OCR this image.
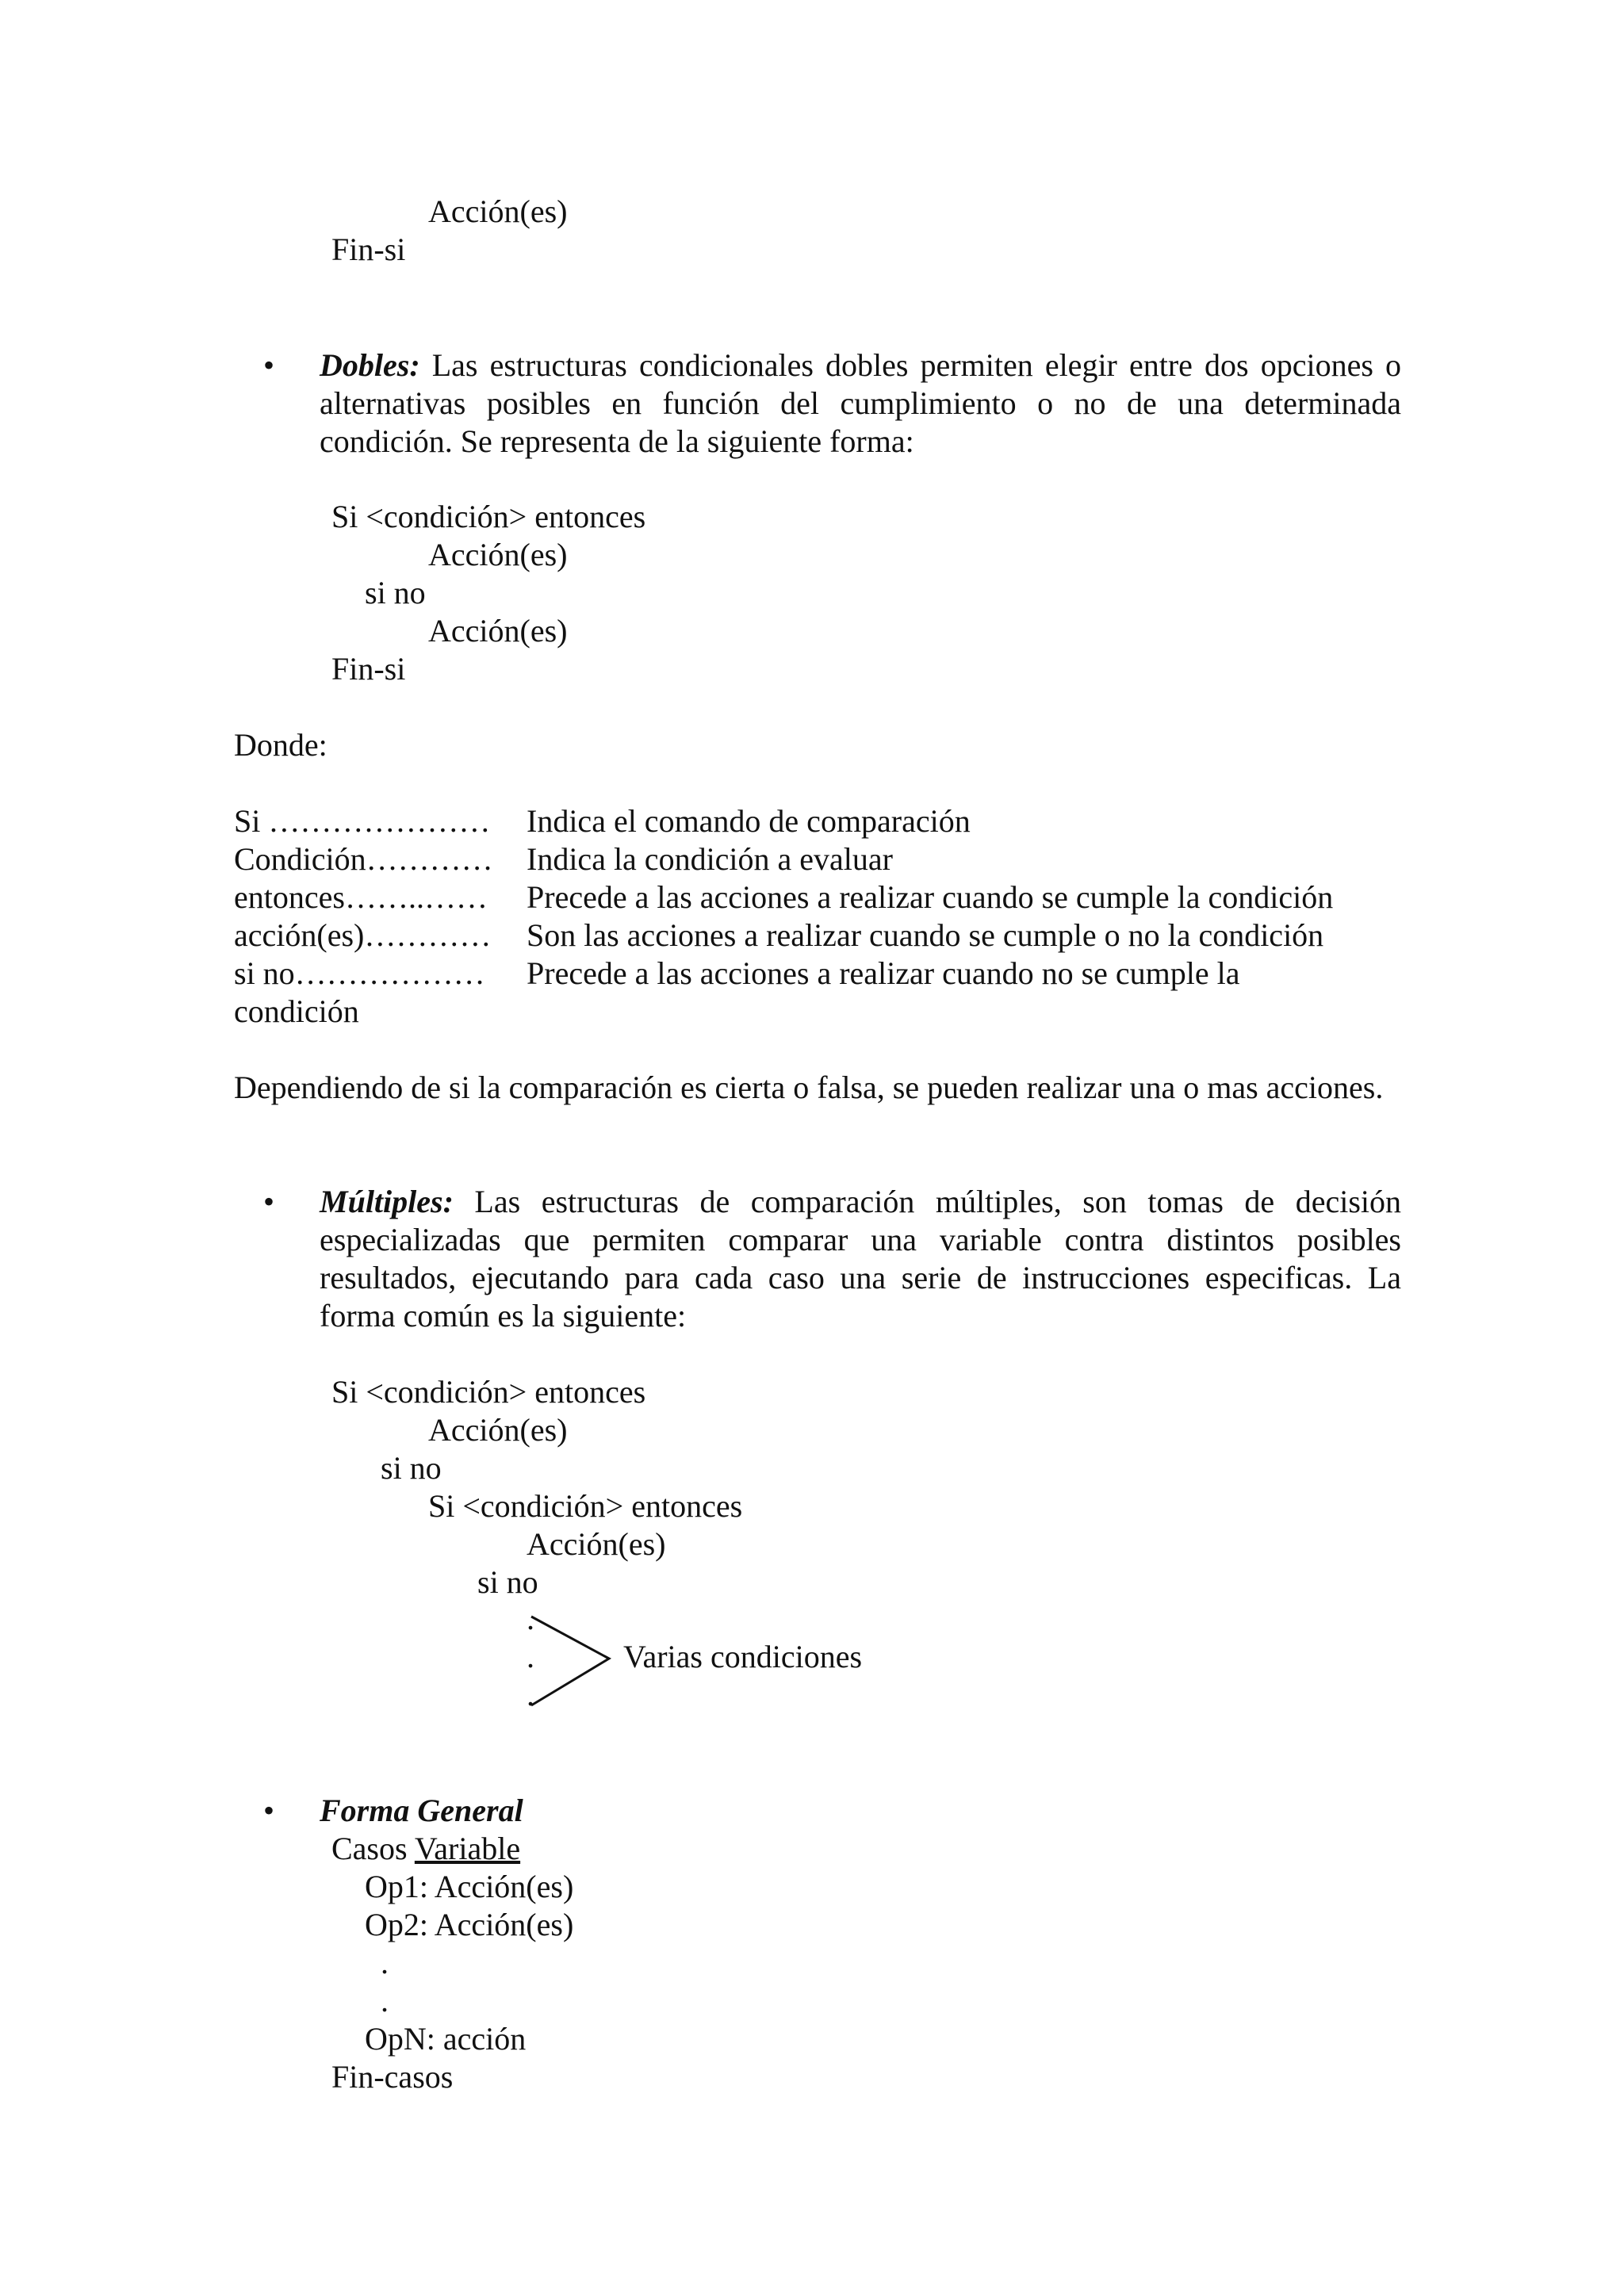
Acción(es)
Fin-si
• Dobles: Las estructuras condicionales dobles permiten elegir entre dos opciones o alternativas posibles en función del cumplimiento o no de una determinada condición. Se representa de la siguiente forma:
Si <condición> entonces
Acción(es)
si no
Acción(es)
Fin-si
Donde:
Si ………………… Indica el comando de comparación
Condición………… Indica la condición a evaluar
entonces……..…… Precede a las acciones a realizar cuando se cumple la condición
acción(es)………… Son las acciones a realizar cuando se cumple o no la condición
si no……………… Precede a las acciones a realizar cuando no se cumple la
condición
Dependiendo de si la comparación es cierta o falsa, se pueden realizar una o mas acciones.
• Múltiples: Las estructuras de comparación múltiples, son tomas de decisión especializadas que permiten comparar una variable contra distintos posibles resultados, ejecutando para cada caso una serie de instrucciones especificas. La forma común es la siguiente:
Si <condición> entonces
Acción(es)
si no
Si <condición> entonces
Acción(es)
si no
.
.
.
Varias condiciones
• Forma General
Casos Variable
Op1: Acción(es)
Op2: Acción(es)
.
.
OpN: acción
Fin-casos
